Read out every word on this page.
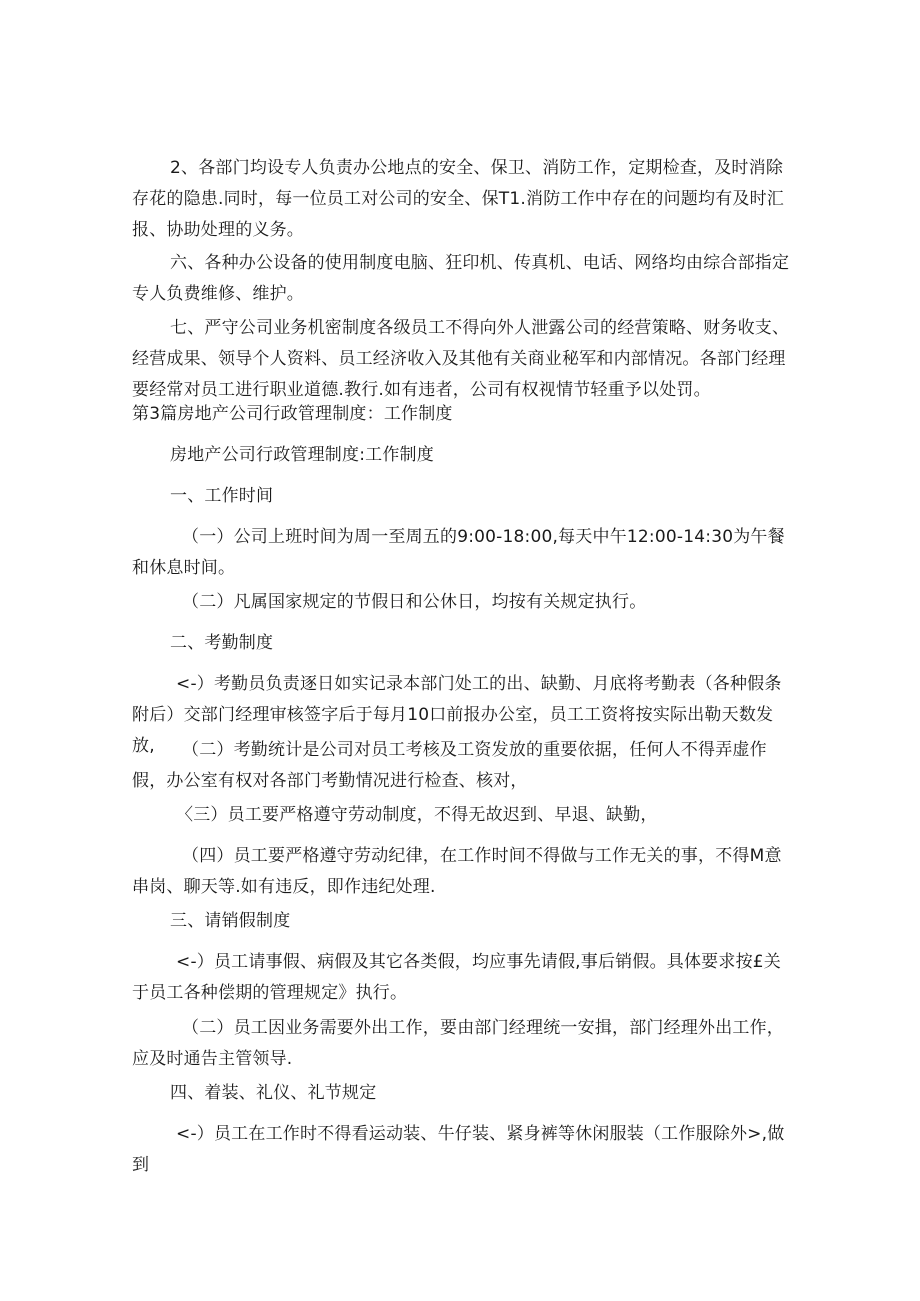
2、各部门均设专人负责办公地点的安全、保卫、消防工作，定期检查，及时消除存花的隐患.同时，每一位员工对公司的安全、保T1.消防工作中存在的问题均有及时汇报、协助处理的义务。

六、各种办公设备的使用制度电脑、狂印机、传真机、电话、网络均由综合部指定专人负费维修、维护。

七、严守公司业务机密制度各级员工不得向外人泄露公司的经营策略、财务收支、经营成果、领导个人资料、员工经济收入及其他有关商业秘军和内部情况。各部门经理要经常对员工进行职业道德.教行.如有违者，公司有权视情节轻重予以处罚。

第3篇房地产公司行政管理制度：工作制度

房地产公司行政管理制度:工作制度

一、工作时间

（一）公司上班时间为周一至周五的9:00-18:00,每天中午12:00-14:30为午餐和休息时间。

（二）凡属国家规定的节假日和公休日，均按有关规定执行。

二、考勤制度

<-）考勤员负责逐日如实记录本部门处工的出、缺勤、月底将考勤表（各种假条附后）交部门经理审核签字后于每月10口前报办公室，员工工资将按实际出勒天数发放,	（二）考勤统计是公司对员工考核及工资发放的重要依据，任何人不得弄虚作假，办公室有权对各部门考勤情况进行检查、核对，

〈三）员工要严格遵守劳动制度，不得无故迟到、早退、缺勤，

（四）员工要严格遵守劳动纪律，在工作时间不得做与工作无关的事，不得M意串岗、聊天等.如有违反，即作违纪处理.

三、请销假制度

<-）员工请事假、病假及其它各类假，均应事先请假,事后销假。具体要求按£关于员工各种偿期的管理规定》执行。

（二）员工因业务需要外出工作，要由部门经理统一安揖，部门经理外出工作，应及时通告主管领导.

四、着装、礼仪、礼节规定

<-）员工在工作时不得看运动装、牛仔装、紧身裤等休闲服装（工作服除外>,做到
